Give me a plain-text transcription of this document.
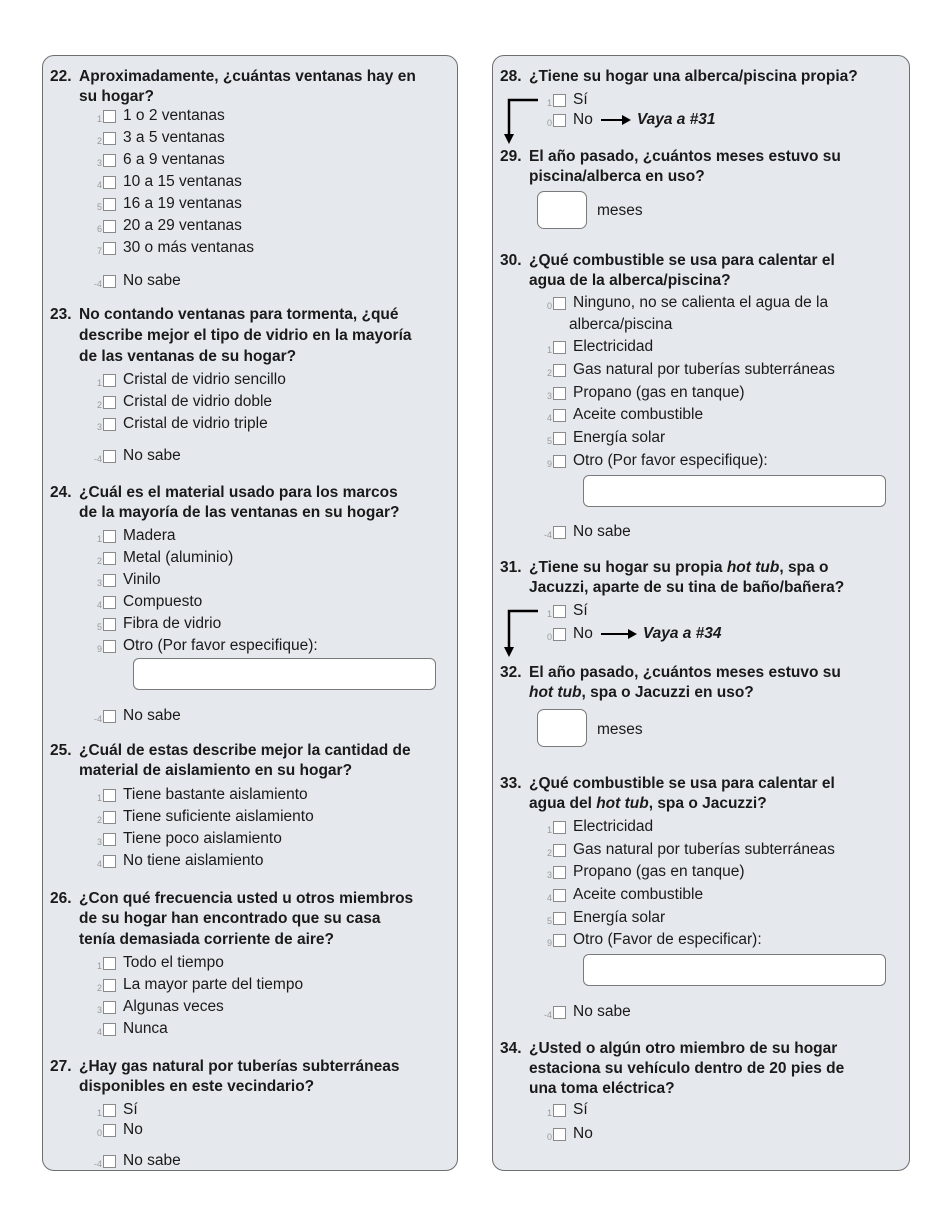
22. Aproximadamente, ¿cuántas ventanas hay en
su hogar?
1 1 o 2 ventanas
2 3 a 5 ventanas
3 6 a 9 ventanas
4 10 a 15 ventanas
5 16 a 19 ventanas
6 20 a 29 ventanas
7 30 o más ventanas
-4 No sabe
23. No contando ventanas para tormenta, ¿qué
describe mejor el tipo de vidrio en la mayoría
de las ventanas de su hogar?
1 Cristal de vidrio sencillo
2 Cristal de vidrio doble
3 Cristal de vidrio triple
-4 No sabe
24. ¿Cuál es el material usado para los marcos
de la mayoría de las ventanas en su hogar?
1 Madera
2 Metal (aluminio)
3 Vinilo
4 Compuesto
5 Fibra de vidrio
9 Otro (Por favor especifique):
-4 No sabe
25. ¿Cuál de estas describe mejor la cantidad de
material de aislamiento en su hogar?
1 Tiene bastante aislamiento
2 Tiene suficiente aislamiento
3 Tiene poco aislamiento
4 No tiene aislamiento
26. ¿Con qué frecuencia usted u otros miembros
de su hogar han encontrado que su casa
tenía demasiada corriente de aire?
1 Todo el tiempo
2 La mayor parte del tiempo
3 Algunas veces
4 Nunca
27. ¿Hay gas natural por tuberías subterráneas
disponibles en este vecindario?
1 Sí
0 No
-4 No sabe
28. ¿Tiene su hogar una alberca/piscina propia?
1 Sí
0 No	Vaya a #31
29. El año pasado, ¿cuántos meses estuvo su
piscina/alberca en uso?
meses
30. ¿Qué combustible se usa para calentar el
agua de la alberca/piscina?
0 Ninguno, no se calienta el agua de la
alberca/piscina
1 Electricidad
2 Gas natural por tuberías subterráneas
3 Propano (gas en tanque)
4 Aceite combustible
5 Energía solar
9 Otro (Por favor especifique):
-4 No sabe
31. ¿Tiene su hogar su propia hot tub, spa o
Jacuzzi, aparte de su tina de baño/bañera?
1 Sí
0 No	Vaya a #34
32. El año pasado, ¿cuántos meses estuvo su
hot tub, spa o Jacuzzi en uso?
meses
33. ¿Qué combustible se usa para calentar el
agua del hot tub, spa o Jacuzzi?
1 Electricidad
2 Gas natural por tuberías subterráneas
3 Propano (gas en tanque)
4 Aceite combustible
5 Energía solar
9 Otro (Favor de especificar):
-4 No sabe
34. ¿Usted o algún otro miembro de su hogar
estaciona su vehículo dentro de 20 pies de
una toma eléctrica?
1 Sí
0 No
